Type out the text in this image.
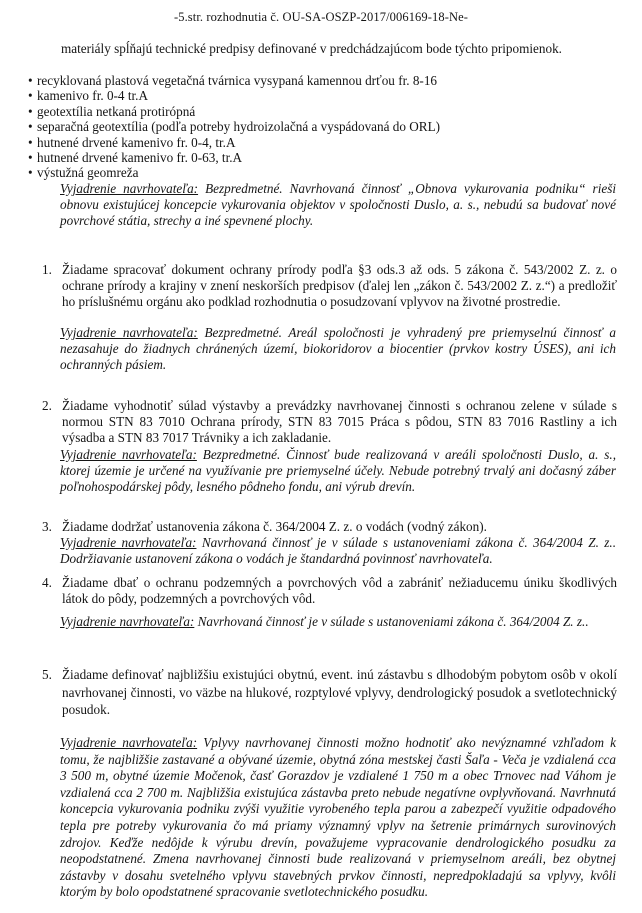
-5.str. rozhodnutia č. OU-SA-OSZP-2017/006169-18-Ne-
materiály spĺňajú technické predpisy definované v predchádzajúcom bode týchto pripomienok.
• recyklovaná plastová vegetačná tvárnica vysypaná kamennou drťou fr. 8-16
• kamenivo fr. 0-4 tr.A
• geotextília netkaná protirópná
• separačná geotextília (podľa potreby hydroizolačná a vyspádovaná do ORL)
• hutnené drvené kamenivo fr. 0-4, tr.A
• hutnené drvené kamenivo fr. 0-63, tr.A
• výstužná geomreža
Vyjadrenie navrhovateľa: Bezpredmetné. Navrhovaná činnosť „Obnova vykurovania podniku“ rieši obnovu existujúcej koncepcie vykurovania objektov v spoločnosti Duslo, a. s., nebudú sa budovať nové povrchové státia, strechy a iné spevnené plochy.
1. Žiadame spracovať dokument ochrany prírody podľa §3 ods.3 až ods. 5 zákona č. 543/2002 Z. z. o ochrane prírody a krajiny v znení neskorších predpisov (ďalej len „zákon č. 543/2002 Z. z.“) a predložiť ho príslušnému orgánu ako podklad rozhodnutia o posudzovaní vplyvov na životné prostredie.
Vyjadrenie navrhovateľa: Bezpredmetné. Areál spoločnosti je vyhradený pre priemyselnú činnosť a nezasahuje do žiadnych chránených území, biokoridorov a biocentier (prvkov kostry ÚSES), ani ich ochranných pásiem.
2. Žiadame vyhodnotiť súlad výstavby a prevádzky navrhovanej činnosti s ochranou zelene v súlade s normou STN 83 7010 Ochrana prírody, STN 83 7015 Práca s pôdou, STN 83 7016 Rastliny a ich výsadba a STN 83 7017 Trávniky a ich zakladanie.
Vyjadrenie navrhovateľa: Bezpredmetné. Činnosť bude realizovaná v areáli spoločnosti Duslo, a. s., ktorej územie je určené na využívanie pre priemyselné účely. Nebude potrebný trvalý ani dočasný záber poľnohospodárskej pôdy, lesného pôdneho fondu, ani výrub drevín.
3. Žiadame dodržať ustanovenia zákona č. 364/2004 Z. z. o vodách (vodný zákon).
Vyjadrenie navrhovateľa: Navrhovaná činnosť je v súlade s ustanoveniami zákona č. 364/2004 Z. z.. Dodržiavanie ustanovení zákona o vodách je štandardná povinnosť navrhovateľa.
4. Žiadame dbať o ochranu podzemných a povrchových vôd a zabrániť nežiaducemu úniku škodlivých látok do pôdy, podzemných a povrchových vôd.
Vyjadrenie navrhovateľa: Navrhovaná činnosť je v súlade s ustanoveniami zákona č. 364/2004 Z. z..
5. Žiadame definovať najbližšiu existujúci obytnú, event. inú zástavbu s dlhodobým pobytom osôb v okolí navrhovanej činnosti, vo väzbe na hlukové, rozptylové vplyvy, dendrologický posudok a svetlotechnický posudok.
Vyjadrenie navrhovateľa: Vplyvy navrhovanej činnosti možno hodnotiť ako nevýznamné vzhľadom k tomu, že najbližšie zastavané a obývané územie, obytná zóna mestskej časti Šaľa - Veča je vzdialená cca 3 500 m, obytné územie Močenok, časť Gorazdov je vzdialené 1 750 m a obec Trnovec nad Váhom je vzdialená cca 2 700 m. Najbližšia existujúca zástavba preto nebude negatívne ovplyvňovaná. Navrhnutá koncepcia vykurovania podniku zvýši využitie vyrobeného tepla parou a zabezpečí využitie odpadového tepla pre potreby vykurovania čo má priamy významný vplyv na šetrenie primárnych surovinových zdrojov. Keďže nedôjde k výrubu drevín, považujeme vypracovanie dendrologického posudku za neopodstatnené. Zmena navrhovanej činnosti bude realizovaná v priemyselnom areáli, bez obytnej zástavby v dosahu svetelného vplyvu stavebných prvkov činnosti, nepredpokladajú sa vplyvy, kvôli ktorým by bolo opodstatnené spracovanie svetlotechnického posudku.
